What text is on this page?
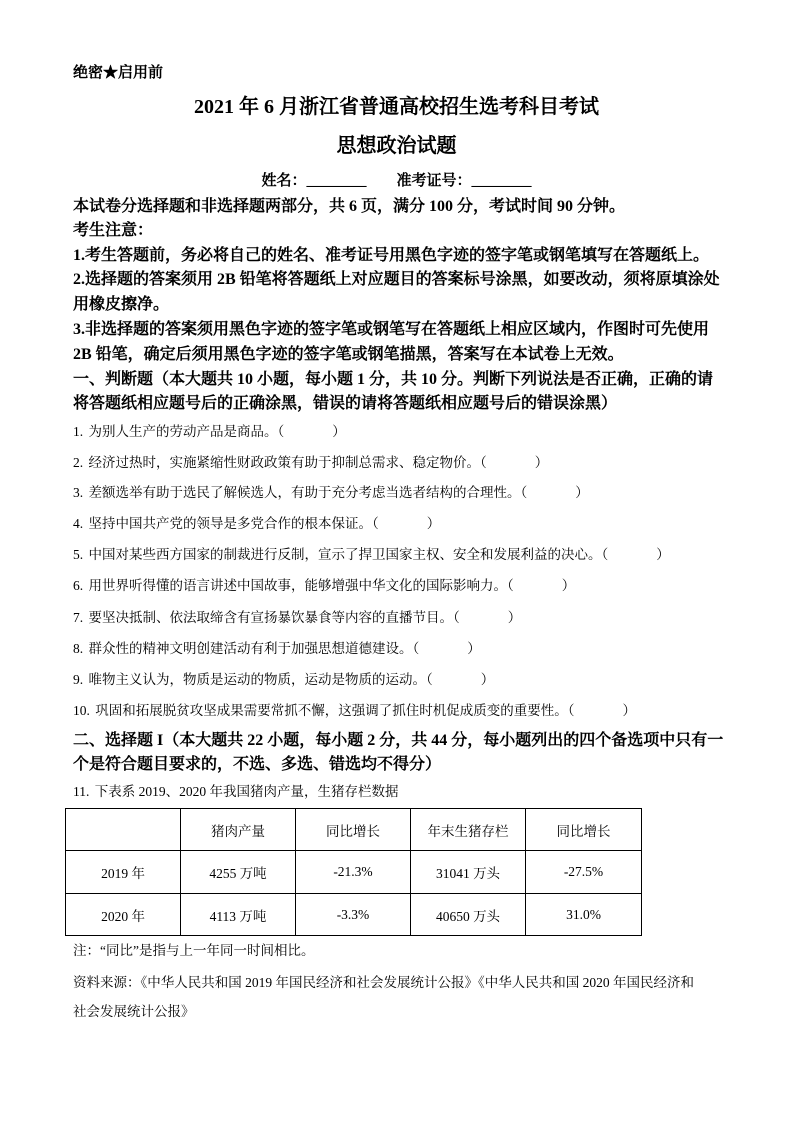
绝密★启用前
2021 年 6 月浙江省普通高校招生选考科目考试
思想政治试题
姓名：________ 准考证号：________
本试卷分选择题和非选择题两部分，共 6 页，满分 100 分，考试时间 90 分钟。
考生注意：
1.考生答题前，务必将自己的姓名、准考证号用黑色字迹的签字笔或钢笔填写在答题纸上。
2.选择题的答案须用 2B 铅笔将答题纸上对应题目的答案标号涂黑，如要改动，须将原填涂处
用橡皮擦净。
3.非选择题的答案须用黑色字迹的签字笔或钢笔写在答题纸上相应区域内，作图时可先使用
2B 铅笔，确定后须用黑色字迹的签字笔或钢笔描黑，答案写在本试卷上无效。
一、判断题（本大题共 10 小题，每小题 1 分，共 10 分。判断下列说法是否正确，正确的请
将答题纸相应题号后的正确涂黑，错误的请将答题纸相应题号后的错误涂黑）
1. 为别人生产的劳动产品是商品。（	）
2. 经济过热时，实施紧缩性财政政策有助于抑制总需求、稳定物价。（	）
3. 差额选举有助于选民了解候选人，有助于充分考虑当选者结构的合理性。（	）
4. 坚持中国共产党的领导是多党合作的根本保证。（	）
5. 中国对某些西方国家的制裁进行反制，宣示了捍卫国家主权、安全和发展利益的决心。（	）
6. 用世界听得懂的语言讲述中国故事，能够增强中华文化的国际影响力。（	）
7. 要坚决抵制、依法取缔含有宣扬暴饮暴食等内容的直播节目。（	）
8. 群众性的精神文明创建活动有利于加强思想道德建设。（	）
9. 唯物主义认为，物质是运动的物质，运动是物质的运动。（	）
10. 巩固和拓展脱贫攻坚成果需要常抓不懈，这强调了抓住时机促成质变的重要性。（	）
二、选择题 I（本大题共 22 小题，每小题 2 分，共 44 分，每小题列出的四个备选项中只有一
个是符合题目要求的，不选、多选、错选均不得分）
11. 下表系 2019、2020 年我国猪肉产量，生猪存栏数据
	猪肉产量	同比增长	年末生猪存栏	同比增长
2019 年	4255 万吨	-21.3%	31041 万头	-27.5%
2020 年	4113 万吨	-3.3%	40650 万头	31.0%
注：“同比”是指与上一年同一时间相比。
资料来源：《中华人民共和国 2019 年国民经济和社会发展统计公报》《中华人民共和国 2020 年国民经济和
社会发展统计公报》
